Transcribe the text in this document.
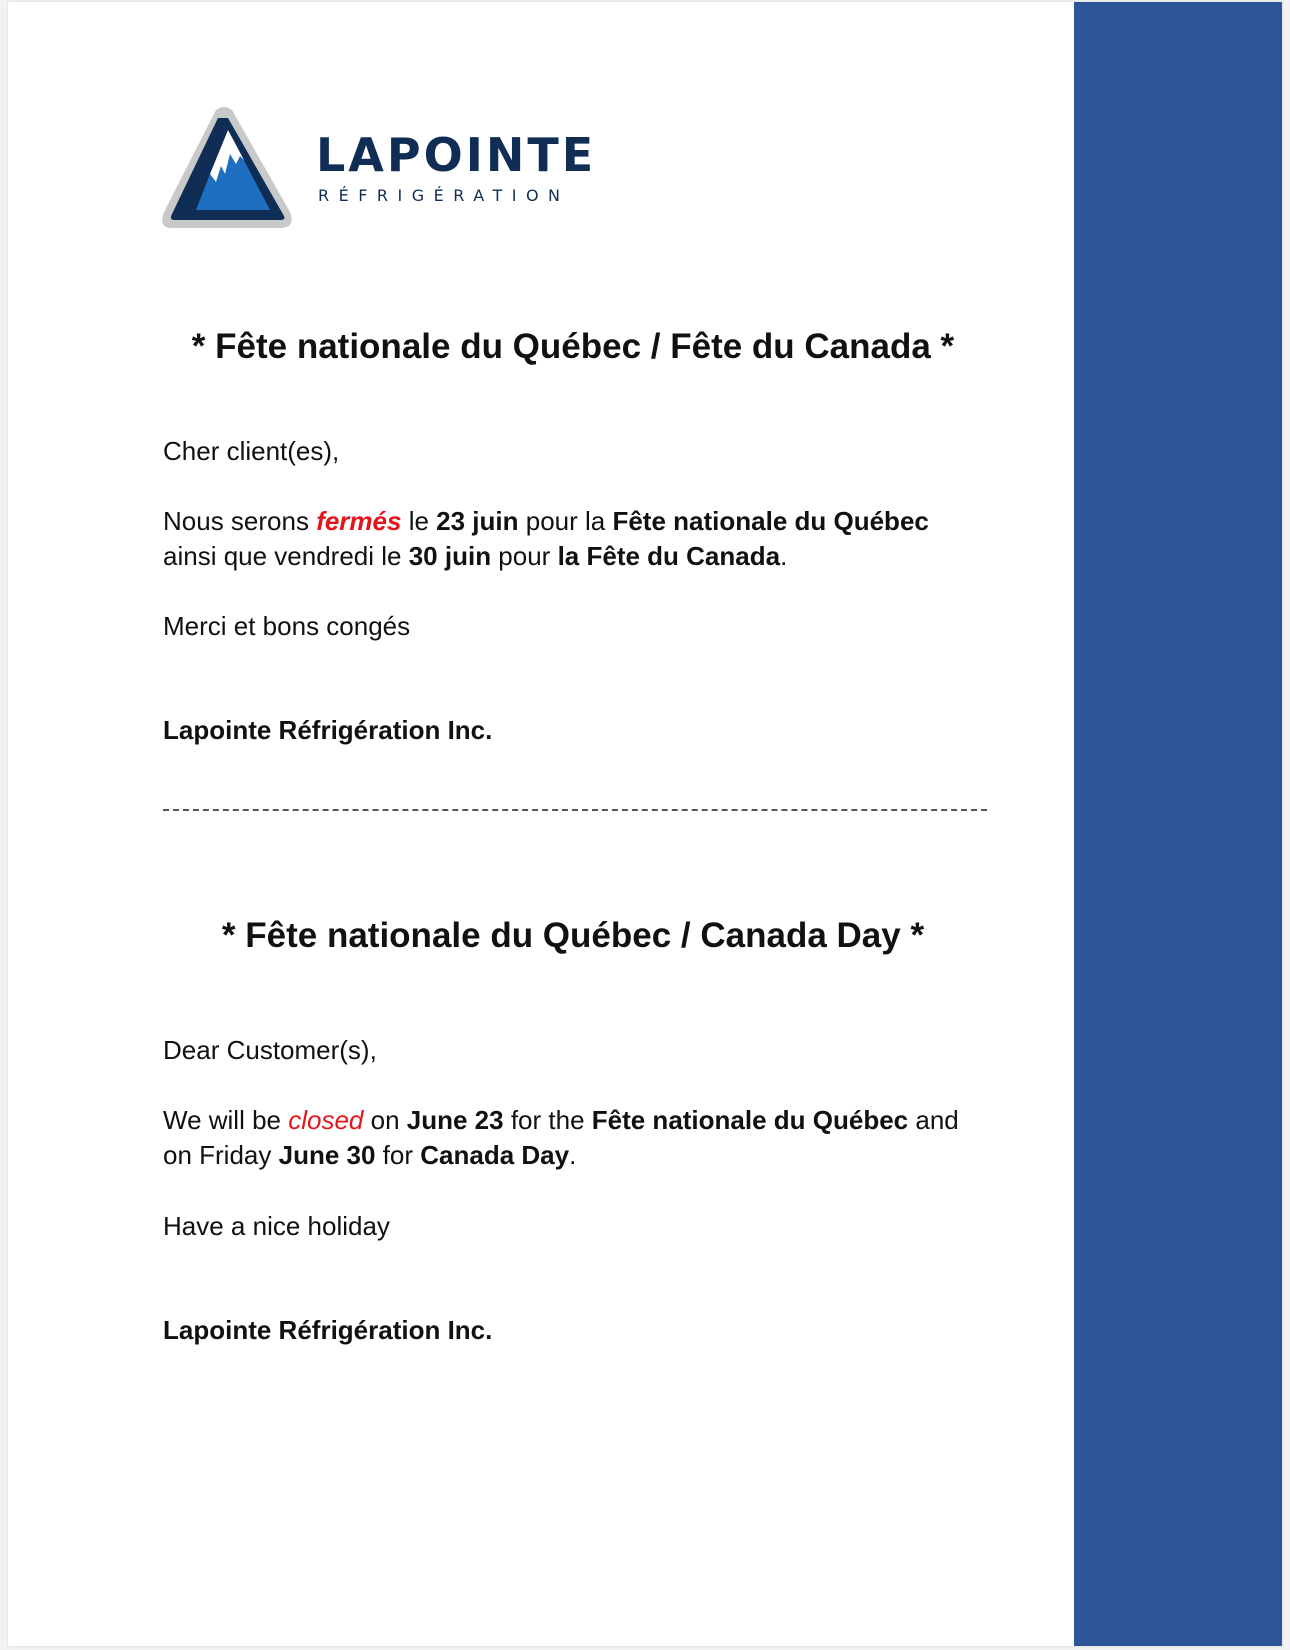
LAPOINTE
RÉFRIGÉRATION
* Fête nationale du Québec / Fête du Canada *
Cher client(es),
Nous serons fermés le 23 juin pour la Fête nationale du Québec ainsi que vendredi le 30 juin pour la Fête du Canada.
Merci et bons congés
Lapointe Réfrigération Inc.
* Fête nationale du Québec / Canada Day *
Dear Customer(s),
We will be closed on June 23 for the Fête nationale du Québec and on Friday June 30 for Canada Day.
Have a nice holiday
Lapointe Réfrigération Inc.
